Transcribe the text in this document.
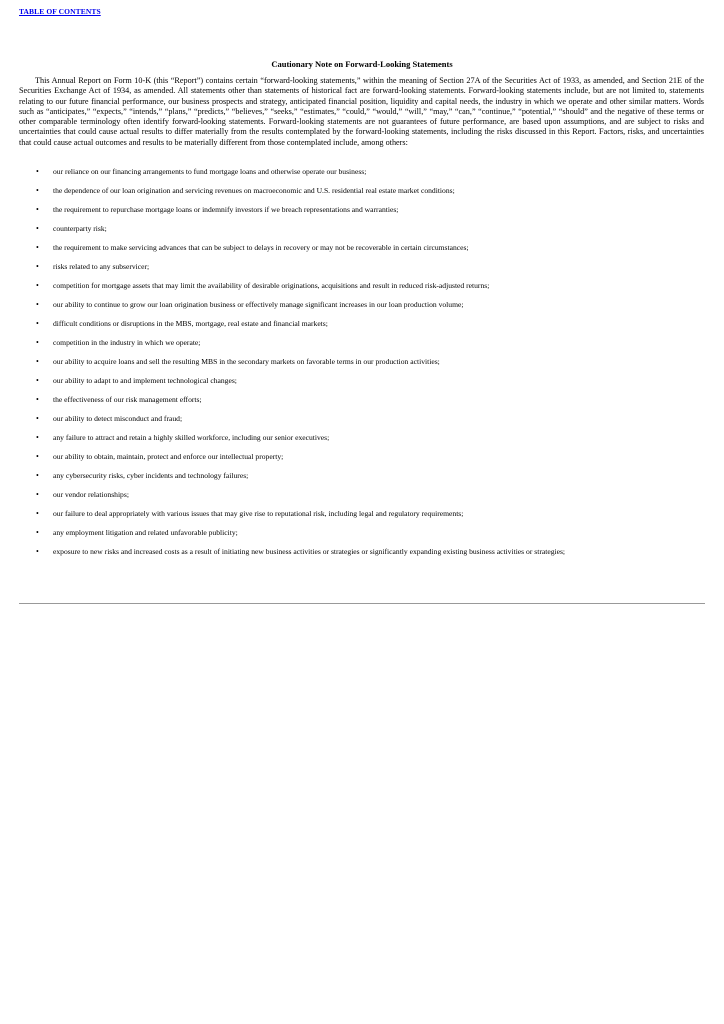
TABLE OF CONTENTS
Cautionary Note on Forward-Looking Statements

This Annual Report on Form 10-K (this “Report”) contains certain “forward-looking statements,” within the meaning of Section 27A of the Securities Act of 1933, as amended, and Section 21E of the Securities Exchange Act of 1934, as amended. All statements other than statements of historical fact are forward-looking statements. Forward-looking statements include, but are not limited to, statements relating to our future financial performance, our business prospects and strategy, anticipated financial position, liquidity and capital needs, the industry in which we operate and other similar matters. Words such as “anticipates,” “expects,” “intends,” “plans,” “predicts,” “believes,” “seeks,” “estimates,” “could,” “would,” “will,” “may,” “can,” “continue,” “potential,” “should” and the negative of these terms or other comparable terminology often identify forward-looking statements. Forward-looking statements are not guarantees of future performance, are based upon assumptions, and are subject to risks and uncertainties that could cause actual results to differ materially from the results contemplated by the forward-looking statements, including the risks discussed in this Report. Factors, risks, and uncertainties that could cause actual outcomes and results to be materially different from those contemplated include, among others:

• our reliance on our financing arrangements to fund mortgage loans and otherwise operate our business;
• the dependence of our loan origination and servicing revenues on macroeconomic and U.S. residential real estate market conditions;
• the requirement to repurchase mortgage loans or indemnify investors if we breach representations and warranties;
• counterparty risk;
• the requirement to make servicing advances that can be subject to delays in recovery or may not be recoverable in certain circumstances;
• risks related to any subservicer;
• competition for mortgage assets that may limit the availability of desirable originations, acquisitions and result in reduced risk-adjusted returns;
• our ability to continue to grow our loan origination business or effectively manage significant increases in our loan production volume;
• difficult conditions or disruptions in the MBS, mortgage, real estate and financial markets;
• competition in the industry in which we operate;
• our ability to acquire loans and sell the resulting MBS in the secondary markets on favorable terms in our production activities;
• our ability to adapt to and implement technological changes;
• the effectiveness of our risk management efforts;
• our ability to detect misconduct and fraud;
• any failure to attract and retain a highly skilled workforce, including our senior executives;
• our ability to obtain, maintain, protect and enforce our intellectual property;
• any cybersecurity risks, cyber incidents and technology failures;
• our vendor relationships;
• our failure to deal appropriately with various issues that may give rise to reputational risk, including legal and regulatory requirements;
• any employment litigation and related unfavorable publicity;
• exposure to new risks and increased costs as a result of initiating new business activities or strategies or significantly expanding existing business activities or strategies;
